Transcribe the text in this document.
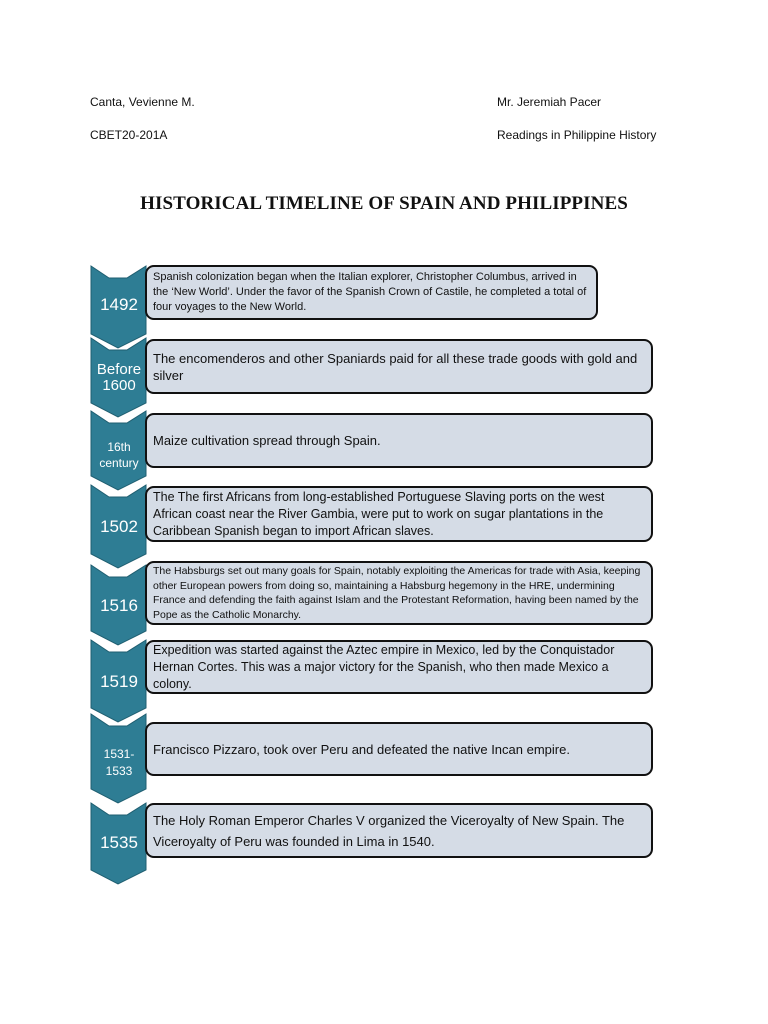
Canta, Vevienne M.
CBET20-201A
Mr. Jeremiah Pacer
Readings in Philippine History
HISTORICAL TIMELINE OF SPAIN AND PHILIPPINES
1492
Spanish colonization began when the Italian explorer, Christopher Columbus, arrived in the ‘New World’. Under the favor of the Spanish Crown of Castile, he completed a total of four voyages to the New World.
Before 1600
The encomenderos and other Spaniards paid for all these trade goods with gold and silver
16th century
Maize cultivation spread through Spain.
1502
The The first Africans from long-established Portuguese Slaving ports on the west African coast near the River Gambia, were put to work on sugar plantations in the Caribbean Spanish began to import African slaves.
1516
The Habsburgs set out many goals for Spain, notably exploiting the Americas for trade with Asia, keeping other European powers from doing so, maintaining a Habsburg hegemony in the HRE, undermining France and defending the faith against Islam and the Protestant Reformation, having been named by the Pope as the Catholic Monarchy.
1519
Expedition was started against the Aztec empire in Mexico, led by the Conquistador Hernan Cortes. This was a major victory for the Spanish, who then made Mexico a colony.
1531-1533
Francisco Pizzaro, took over Peru and defeated the native Incan empire.
1535
The Holy Roman Emperor Charles V organized the Viceroyalty of New Spain. The Viceroyalty of Peru was founded in Lima in 1540.
